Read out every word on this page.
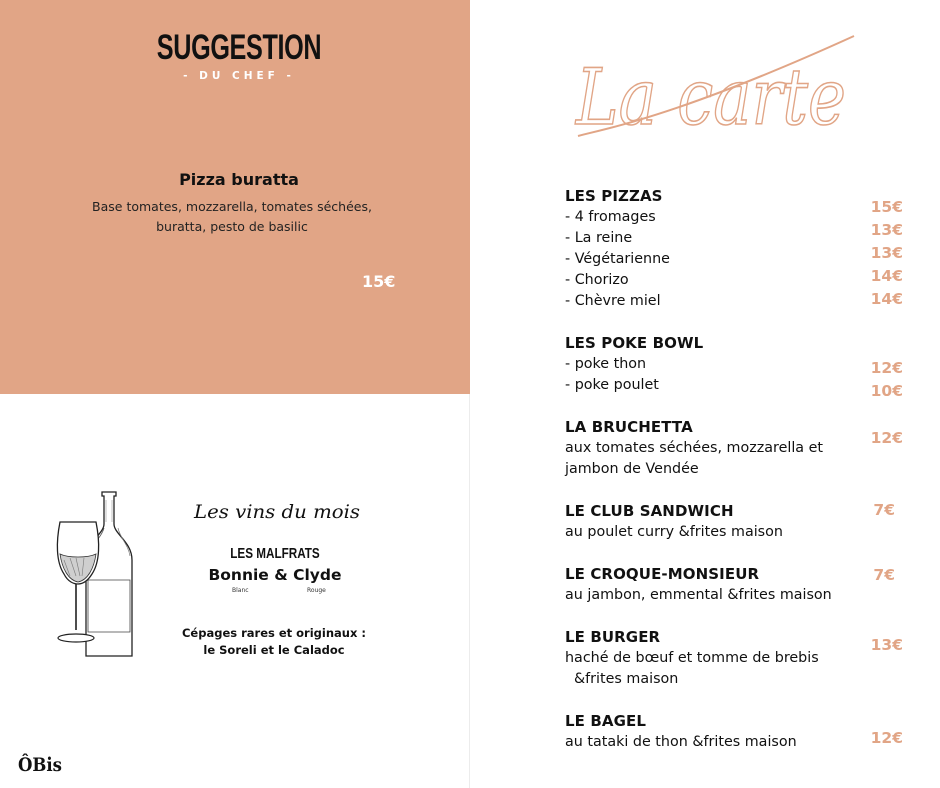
SUGGESTION
- DU CHEF -
Pizza buratta
Base tomates, mozzarella, tomates séchées,
buratta, pesto de basilic
15€
Les vins du mois
LES MALFRATS
Bonnie & Clyde
Blanc	Rouge
Cépages rares et originaux :
le Soreli et le Caladoc
ÔBis
La carte
LES PIZZAS
- 4 fromages
- La reine
- Végétarienne
- Chorizo
- Chèvre miel
15€
13€
13€
14€
14€
LES POKE BOWL
- poke thon
- poke poulet
12€
10€
LA BRUCHETTA
aux tomates séchées, mozzarella et
jambon de Vendée
12€
LE CLUB SANDWICH
au poulet curry &frites maison
7€
LE CROQUE-MONSIEUR
au jambon, emmental &frites maison
7€
LE BURGER
haché de bœuf et tomme de brebis
&frites maison
13€
LE BAGEL
au tataki de thon &frites maison	12€
